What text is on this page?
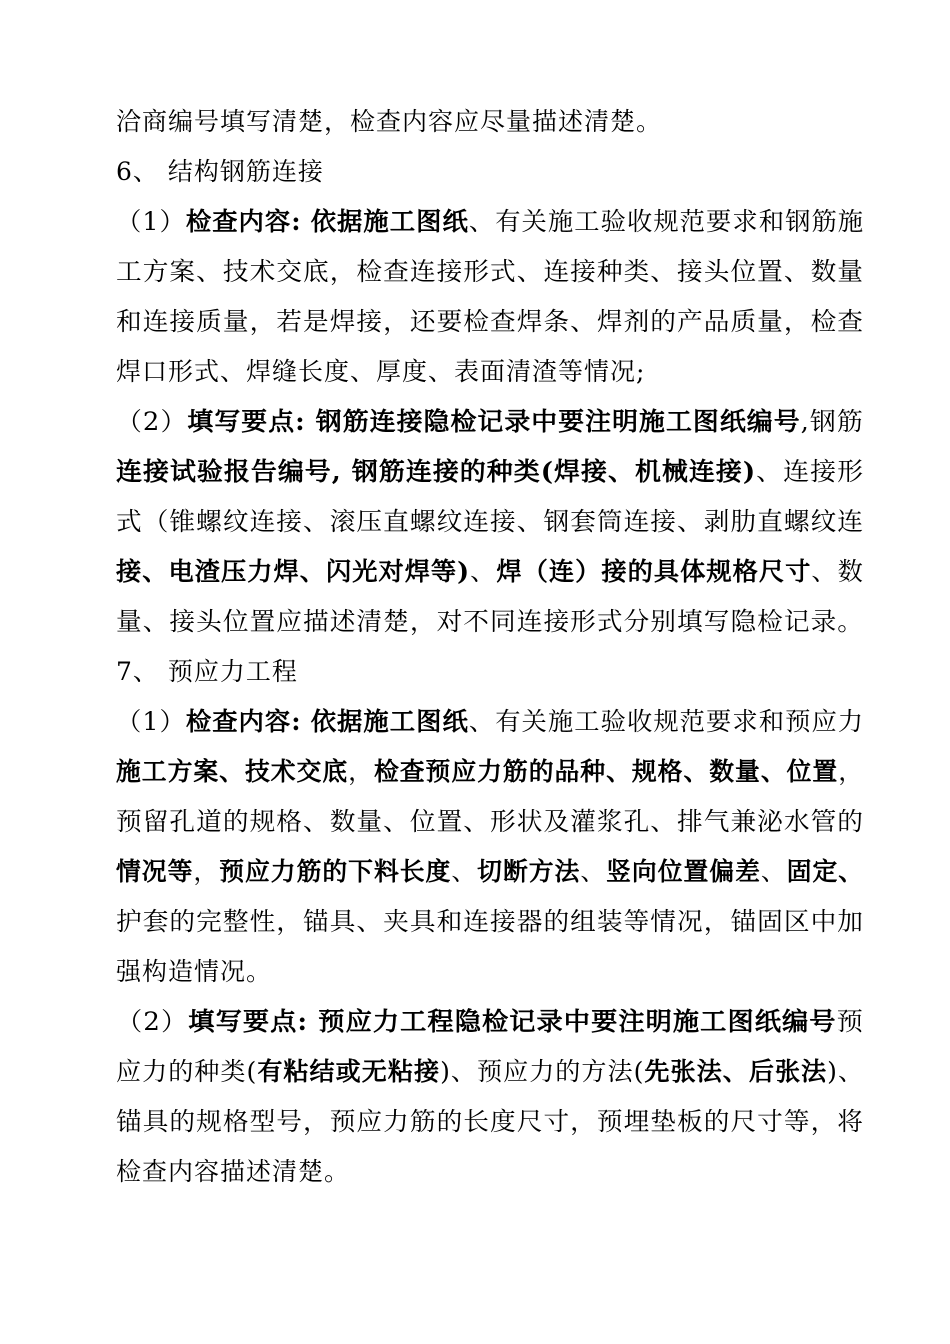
洽商编号填写清楚，检查内容应尽量描述清楚。
6、 结构钢筋连接
（1）检查内容: 依据施工图纸、有关施工验收规范要求和钢筋施
工方案、技术交底，检查连接形式、连接种类、接头位置、数量
和连接质量，若是焊接，还要检查焊条、焊剂的产品质量，检查
焊口形式、焊缝长度、厚度、表面清渣等情况;
（2）填写要点: 钢筋连接隐检记录中要注明施工图纸编号,钢筋
连接试验报告编号, 钢筋连接的种类(焊接、机械连接)、连接形
式（锥螺纹连接、滚压直螺纹连接、钢套筒连接、剥肋直螺纹连
接、电渣压力焊、闪光对焊等)、焊（连）接的具体规格尺寸、数
量、接头位置应描述清楚，对不同连接形式分别填写隐检记录。
7、 预应力工程
（1）检查内容: 依据施工图纸、有关施工验收规范要求和预应力
施工方案、技术交底，检查预应力筋的品种、规格、数量、位置，
预留孔道的规格、数量、位置、形状及灌浆孔、排气兼泌水管的
情况等，预应力筋的下料长度、切断方法、竖向位置偏差、固定、
护套的完整性，锚具、夹具和连接器的组装等情况，锚固区中加
强构造情况。
（2）填写要点: 预应力工程隐检记录中要注明施工图纸编号预
应力的种类(有粘结或无粘接)、预应力的方法(先张法、后张法)、
锚具的规格型号，预应力筋的长度尺寸，预埋垫板的尺寸等，将
检查内容描述清楚。
